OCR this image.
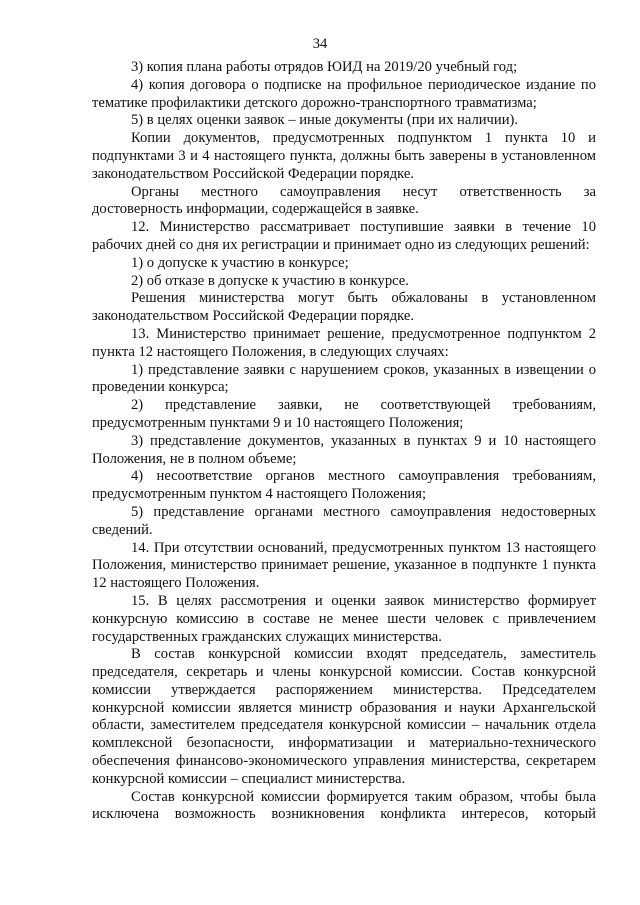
34

3) копия плана работы отрядов ЮИД на 2019/20 учебный год;

4) копия договора о подписке на профильное периодическое издание по тематике профилактики детского дорожно-транспортного травматизма;

5) в целях оценки заявок – иные документы (при их наличии).

Копии документов, предусмотренных подпунктом 1 пункта 10 и подпунктами 3 и 4 настоящего пункта, должны быть заверены в установленном законодательством Российской Федерации порядке.

Органы местного самоуправления несут ответственность за достоверность информации, содержащейся в заявке.

12. Министерство рассматривает поступившие заявки в течение 10 рабочих дней со дня их регистрации и принимает одно из следующих решений:

1) о допуске к участию в конкурсе;

2) об отказе в допуске к участию в конкурсе.

Решения министерства могут быть обжалованы в установленном законодательством Российской Федерации порядке.

13. Министерство принимает решение, предусмотренное подпунктом 2 пункта 12 настоящего Положения, в следующих случаях:

1) представление заявки с нарушением сроков, указанных в извещении о проведении конкурса;

2) представление заявки, не соответствующей требованиям, предусмотренным пунктами 9 и 10 настоящего Положения;

3) представление документов, указанных в пунктах 9 и 10 настоящего Положения, не в полном объеме;

4) несоответствие органов местного самоуправления требованиям, предусмотренным пунктом 4 настоящего Положения;

5) представление органами местного самоуправления недостоверных сведений.

14. При отсутствии оснований, предусмотренных пунктом 13 настоящего Положения, министерство принимает решение, указанное в подпункте 1 пункта 12 настоящего Положения.

15. В целях рассмотрения и оценки заявок министерство формирует конкурсную комиссию в составе не менее шести человек с привлечением государственных гражданских служащих министерства.

В состав конкурсной комиссии входят председатель, заместитель председателя, секретарь и члены конкурсной комиссии. Состав конкурсной комиссии утверждается распоряжением министерства. Председателем конкурсной комиссии является министр образования и науки Архангельской области, заместителем председателя конкурсной комиссии – начальник отдела комплексной безопасности, информатизации и материально-технического обеспечения финансово-экономического управления министерства, секретарем конкурсной комиссии – специалист министерства.

Состав конкурсной комиссии формируется таким образом, чтобы была исключена возможность возникновения конфликта интересов, который
